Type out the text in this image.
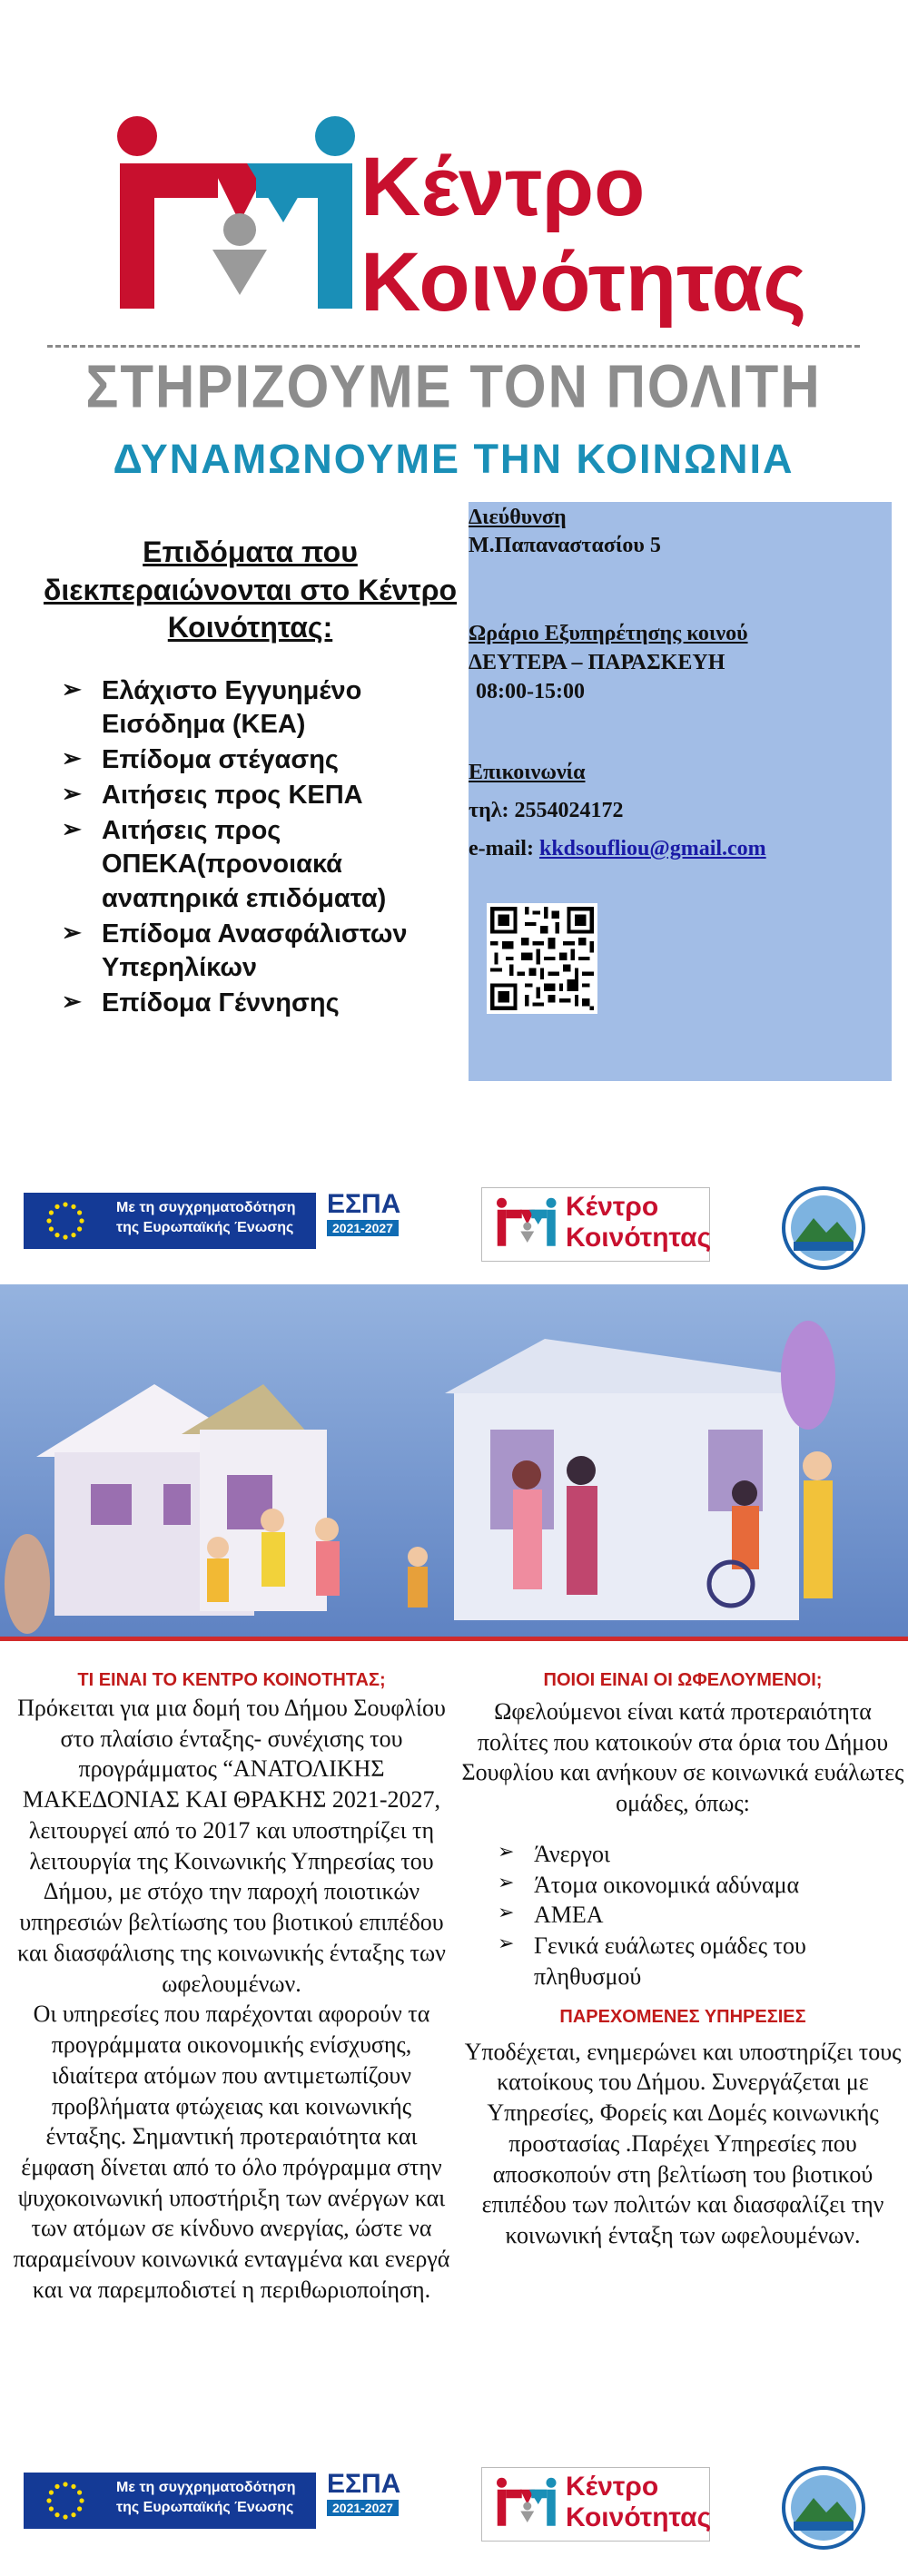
Κέντρο
Κοινότητας
ΣΤΗΡΙΖΟΥΜΕ ΤΟΝ ΠΟΛΙΤΗ
ΔΥΝΑΜΩΝΟΥΜΕ ΤΗΝ ΚΟΙΝΩΝΙΑ
Επιδόματα που διεκπεραιώνονται στο Κέντρο Κοινότητας:
➢ Ελάχιστο Εγγυημένο Εισόδημα (ΚΕΑ)
➢ Επίδομα στέγασης
➢ Αιτήσεις προς ΚΕΠΑ
➢ Αιτήσεις προς ΟΠΕΚΑ(προνοιακά αναπηρικά επιδόματα)
➢ Επίδομα Ανασφάλιστων Υπερηλίκων
➢ Επίδομα Γέννησης
Διεύθυνση
Μ.Παπαναστασίου 5
Ωράριο Εξυπηρέτησης κοινού
ΔΕΥΤΕΡΑ – ΠΑΡΑΣΚΕΥΗ
08:00-15:00
Επικοινωνία
τηλ: 2554024172
e-mail: kkdsoufliou@gmail.com
Με τη συγχρηματοδότηση
της Ευρωπαϊκής Ένωσης
ΕΣΠΑ
2021-2027
Κέντρο
Κοινότητας
ΤΙ ΕΙΝΑΙ ΤΟ ΚΕΝΤΡΟ ΚΟΙΝΟΤΗΤΑΣ;

Πρόκειται για μια δομή του Δήμου Σουφλίου στο πλαίσιο ένταξης- συνέχισης του προγράμματος “ΑΝΑΤΟΛΙΚΗΣ ΜΑΚΕΔΟΝΙΑΣ ΚΑΙ ΘΡΑΚΗΣ 2021-2027, λειτουργεί από το 2017 και υποστηρίζει τη λειτουργία της Κοινωνικής Υπηρεσίας του Δήμου, με στόχο την παροχή ποιοτικών υπηρεσιών βελτίωσης του βιοτικού επιπέδου και διασφάλισης της κοινωνικής ένταξης των ωφελουμένων.

Οι υπηρεσίες που παρέχονται αφορούν τα προγράμματα οικονομικής ενίσχυσης, ιδιαίτερα ατόμων που αντιμετωπίζουν προβλήματα φτώχειας και κοινωνικής ένταξης. Σημαντική προτεραιότητα και έμφαση δίνεται από το όλο πρόγραμμα στην ψυχοκοινωνική υποστήριξη των ανέργων και των ατόμων σε κίνδυνο ανεργίας, ώστε να παραμείνουν κοινωνικά ενταγμένα και ενεργά και να παρεμποδιστεί η περιθωριοποίηση.

ΠΟΙΟΙ ΕΙΝΑΙ ΟΙ ΩΦΕΛΟΥΜΕΝΟΙ;

Ωφελούμενοι είναι κατά προτεραιότητα πολίτες που κατοικούν στα όρια του Δήμου Σουφλίου και ανήκουν σε κοινωνικά ευάλωτες ομάδες, όπως:

➢ Άνεργοι
➢ Άτομα οικονομικά αδύναμα
➢ ΑΜΕΑ
➢ Γενικά ευάλωτες ομάδες του πληθυσμού
ΠΑΡΕΧΟΜΕΝΕΣ ΥΠΗΡΕΣΙΕΣ

Υποδέχεται, ενημερώνει και υποστηρίζει τους κατοίκους του Δήμου. Συνεργάζεται με Υπηρεσίες, Φορείς και Δομές κοινωνικής προστασίας .Παρέχει Υπηρεσίες που αποσκοπούν στη βελτίωση του βιοτικού επιπέδου των πολιτών και διασφαλίζει την κοινωνική ένταξη των ωφελουμένων.

Με τη συγχρηματοδότηση
της Ευρωπαϊκής Ένωσης
ΕΣΠΑ
2021-2027
Κέντρο
Κοινότητας
